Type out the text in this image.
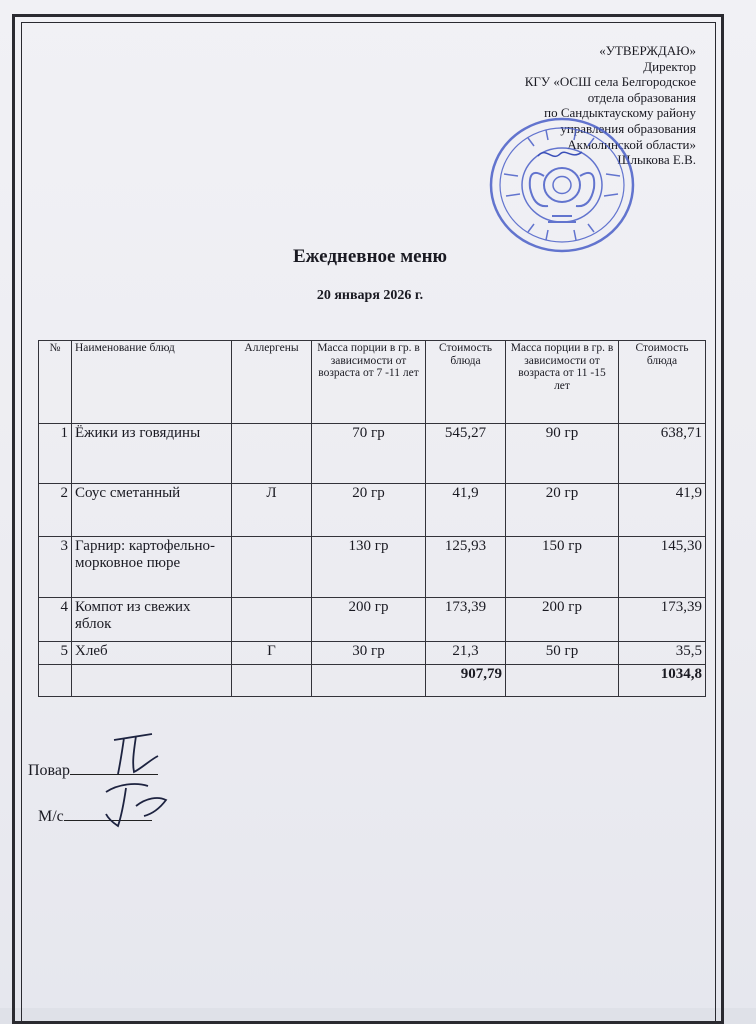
«УТВЕРЖДАЮ»
Директор
КГУ «ОСШ села Белгородское
отдела образования
по Сандыктаускому району
управления образования
Акмолинской области»
Шлыкова Е.В.
Ежедневное меню
20 января 2026 г.
№	Наименование блюд	Аллергены	Масса порции в гр. в зависимости от возраста от 7 -11 лет	Стоимость блюда	Масса порции в гр. в зависимости от возраста от 11 -15 лет	Стоимость блюда
1	Ёжики из говядины		70 гр	545,27	90 гр	638,71
2	Соус сметанный	Л	20 гр	41,9	20 гр	41,9
3	Гарнир: картофельно-морковное пюре		130 гр	125,93	150 гр	145,30
4	Компот из свежих яблок		200 гр	173,39	200 гр	173,39
5	Хлеб	Г	30 гр	21,3	50 гр	35,5
				907,79		1034,8
Повар
М/с
